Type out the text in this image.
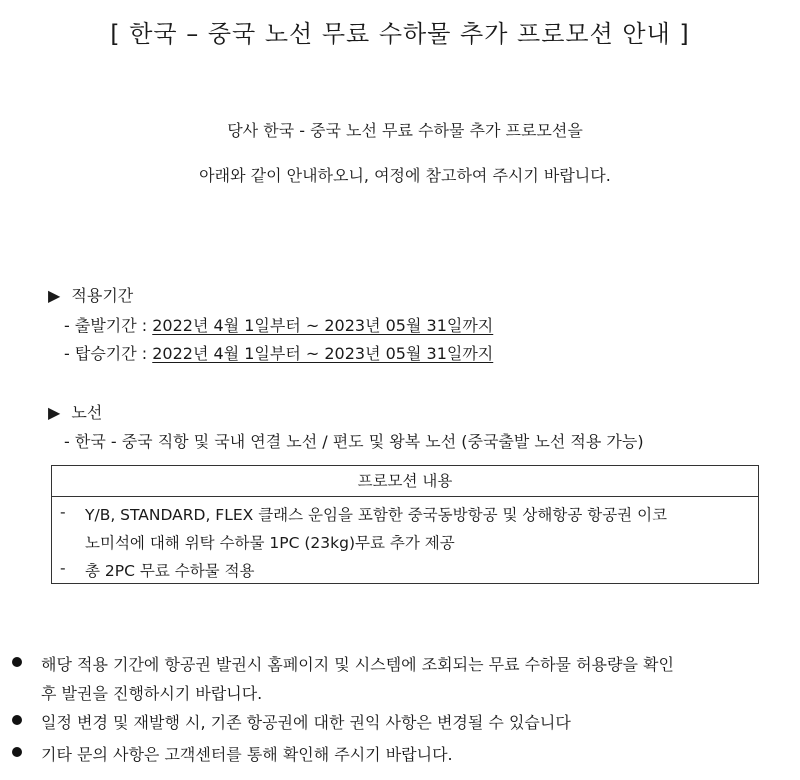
[ 한국 – 중국 노선 무료 수하물 추가 프로모션 안내 ]
당사 한국 - 중국 노선 무료 수하물 추가 프로모션을
아래와 같이 안내하오니, 여정에 참고하여 주시기 바랍니다.
▶ 적용기간
- 출발기간 : 2022년 4월 1일부터 ~ 2023년 05월 31일까지
- 탑승기간 : 2022년 4월 1일부터 ~ 2023년 05월 31일까지
▶ 노선
- 한국 - 중국 직항 및 국내 연결 노선 / 편도 및 왕복 노선 (중국출발 노선 적용 가능)
프로모션 내용
- Y/B, STANDARD, FLEX 클래스 운임을 포함한 중국동방항공 및 상해항공 항공권 이코
노미석에 대해 위탁 수하물 1PC (23kg)무료 추가 제공
- 총 2PC 무료 수하물 적용
해당 적용 기간에 항공권 발권시 홈페이지 및 시스템에 조회되는 무료 수하물 허용량을 확인
후 발권을 진행하시기 바랍니다.
일정 변경 및 재발행 시, 기존 항공권에 대한 권익 사항은 변경될 수 있습니다
기타 문의 사항은 고객센터를 통해 확인해 주시기 바랍니다.
